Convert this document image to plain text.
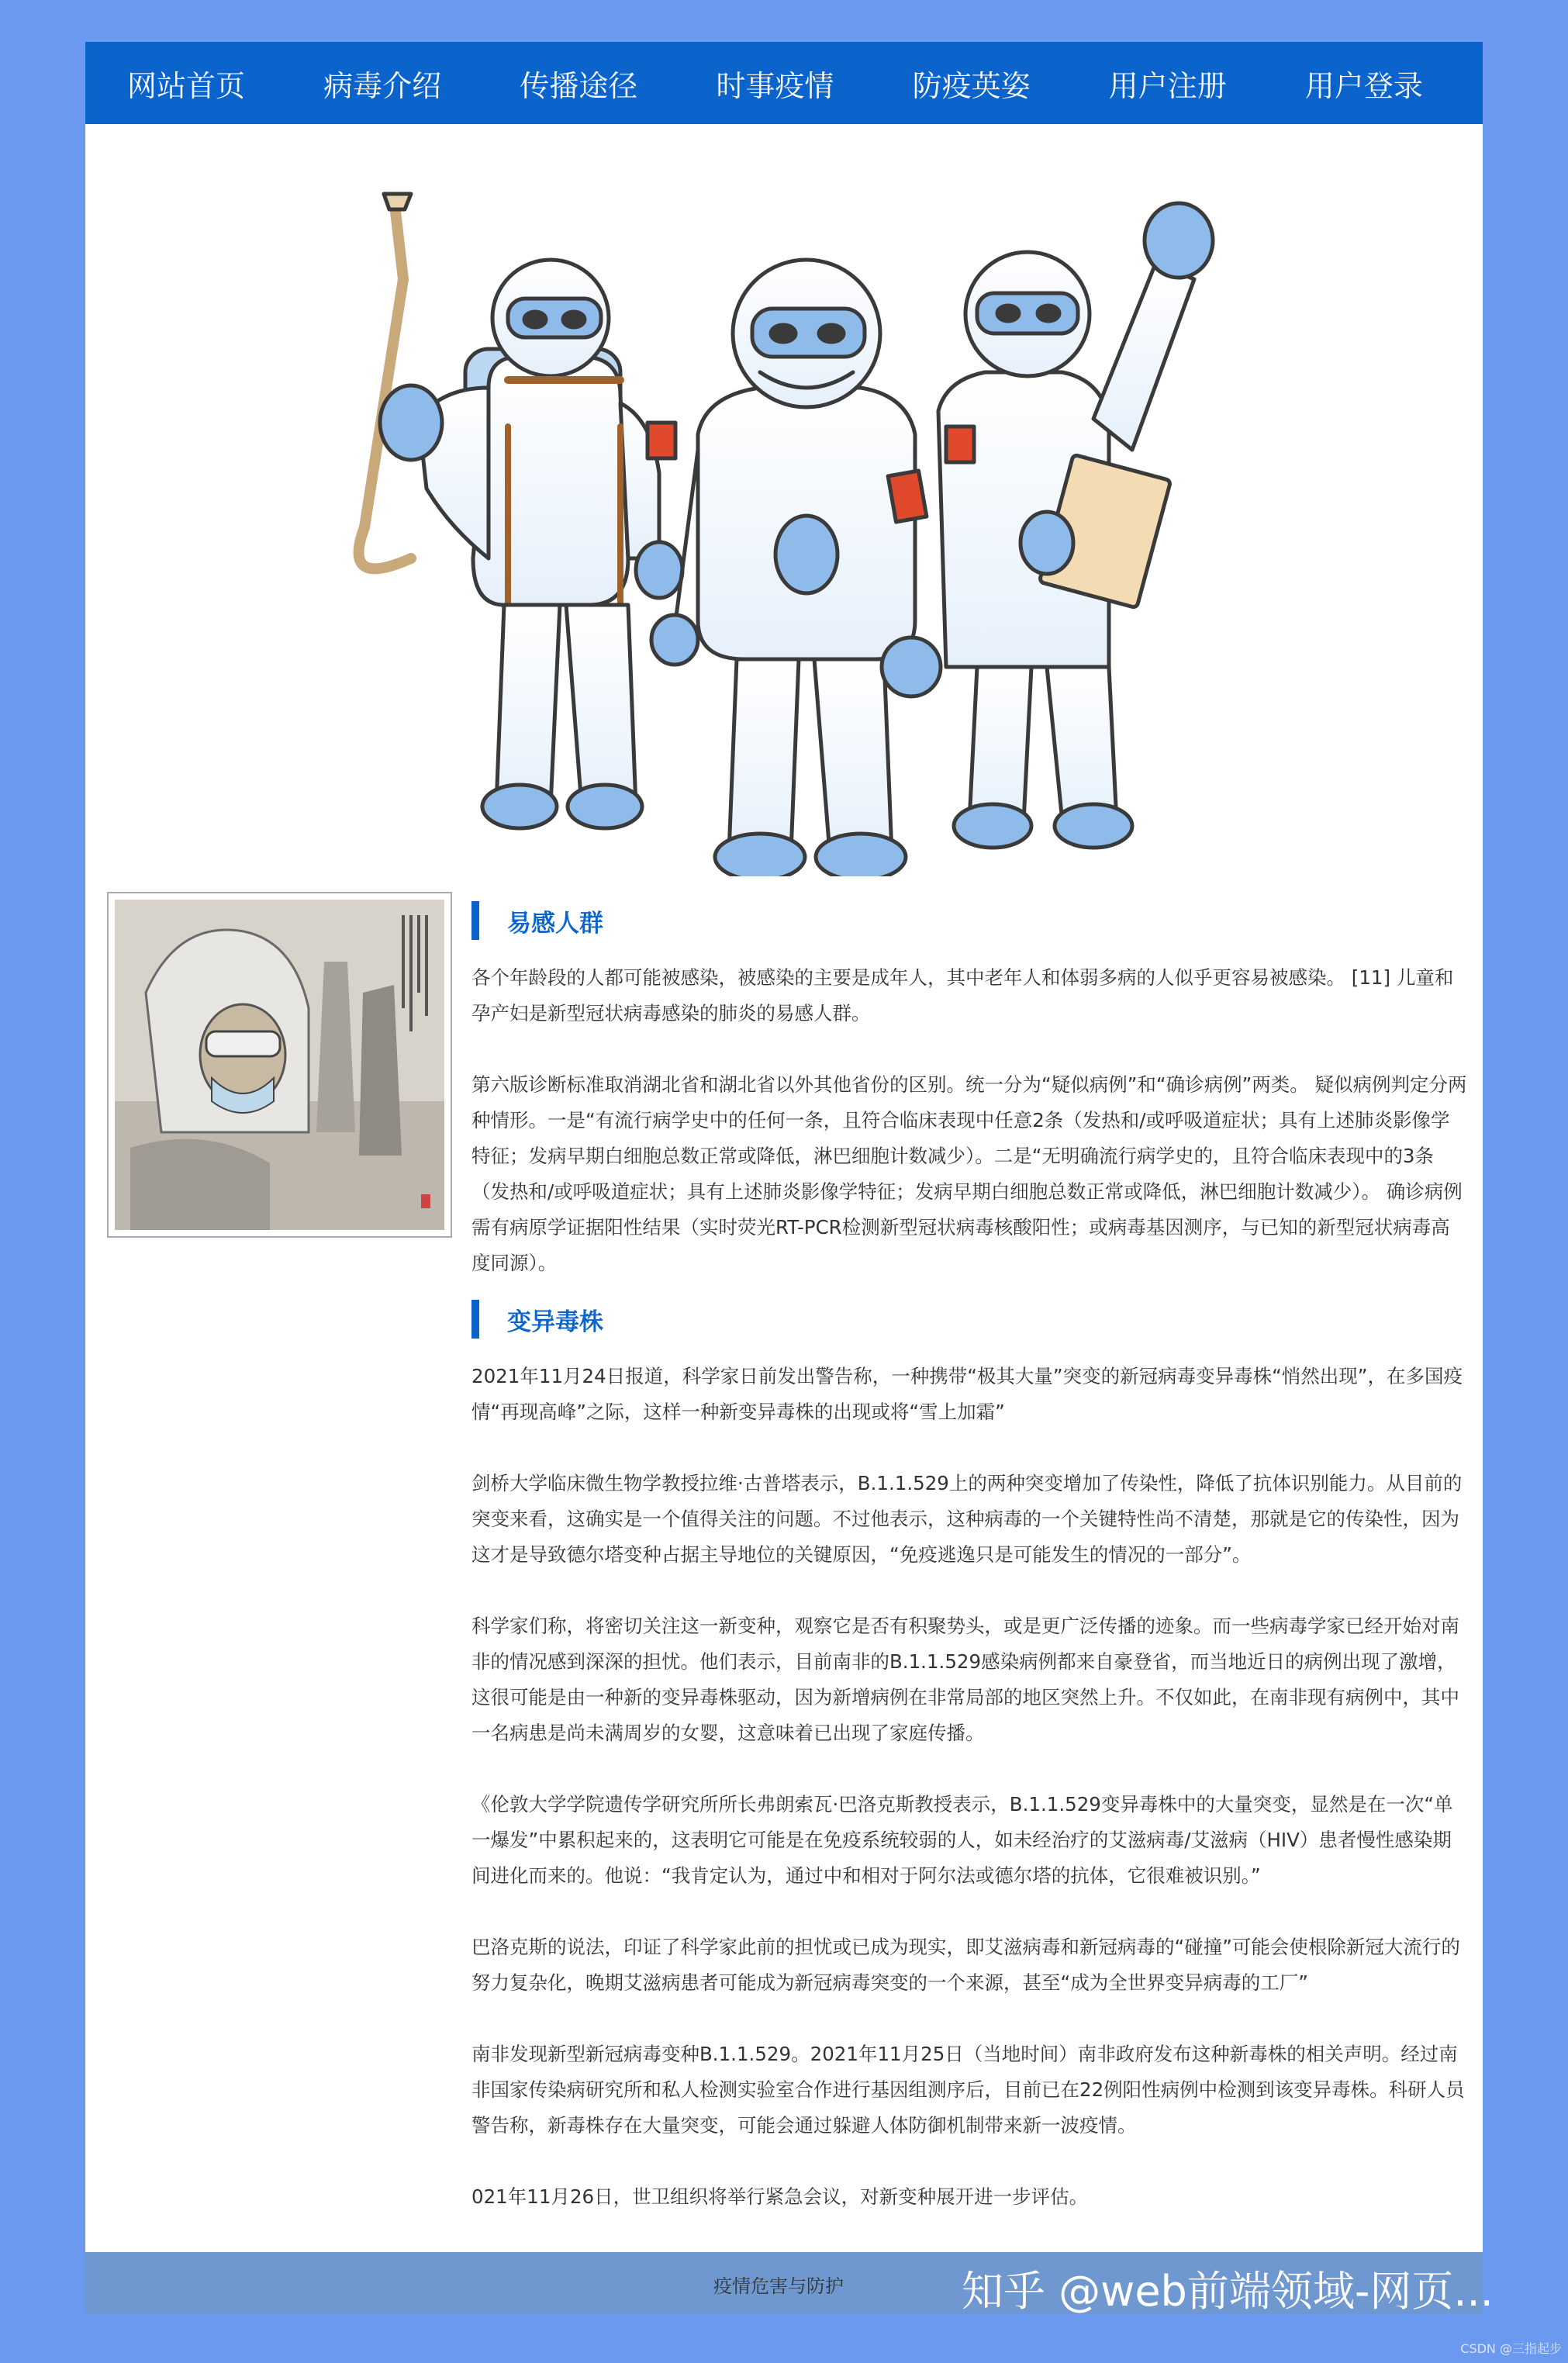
网站首页	病毒介绍	传播途径	时事疫情	防疫英姿	用户注册	用户登录
易感人群

各个年龄段的人都可能被感染，被感染的主要是成年人，其中老年人和体弱多病的人似乎更容易被感染。 [11] 儿童和孕产妇是新型冠状病毒感染的肺炎的易感人群。

第六版诊断标准取消湖北省和湖北省以外其他省份的区别。统一分为“疑似病例”和“确诊病例”两类。 疑似病例判定分两种情形。一是“有流行病学史中的任何一条，且符合临床表现中任意2条（发热和/或呼吸道症状；具有上述肺炎影像学特征；发病早期白细胞总数正常或降低，淋巴细胞计数减少）。二是“无明确流行病学史的，且符合临床表现中的3条（发热和/或呼吸道症状；具有上述肺炎影像学特征；发病早期白细胞总数正常或降低，淋巴细胞计数减少）。 确诊病例需有病原学证据阳性结果（实时荧光RT-PCR检测新型冠状病毒核酸阳性；或病毒基因测序，与已知的新型冠状病毒高度同源）。

变异毒株

2021年11月24日报道，科学家日前发出警告称，一种携带“极其大量”突变的新冠病毒变异毒株“悄然出现”，在多国疫情“再现高峰”之际，这样一种新变异毒株的出现或将“雪上加霜”

剑桥大学临床微生物学教授拉维·古普塔表示，B.1.1.529上的两种突变增加了传染性，降低了抗体识别能力。从目前的突变来看，这确实是一个值得关注的问题。不过他表示，这种病毒的一个关键特性尚不清楚，那就是它的传染性，因为这才是导致德尔塔变种占据主导地位的关键原因，“免疫逃逸只是可能发生的情况的一部分”。

科学家们称，将密切关注这一新变种，观察它是否有积聚势头，或是更广泛传播的迹象。而一些病毒学家已经开始对南非的情况感到深深的担忧。他们表示，目前南非的B.1.1.529感染病例都来自豪登省，而当地近日的病例出现了激增，这很可能是由一种新的变异毒株驱动，因为新增病例在非常局部的地区突然上升。不仅如此，在南非现有病例中，其中一名病患是尚未满周岁的女婴，这意味着已出现了家庭传播。

《伦敦大学学院遗传学研究所所长弗朗索瓦·巴洛克斯教授表示，B.1.1.529变异毒株中的大量突变，显然是在一次“单一爆发”中累积起来的，这表明它可能是在免疫系统较弱的人，如未经治疗的艾滋病毒/艾滋病（HIV）患者慢性感染期间进化而来的。他说：“我肯定认为，通过中和相对于阿尔法或德尔塔的抗体，它很难被识别。”

巴洛克斯的说法，印证了科学家此前的担忧或已成为现实，即艾滋病毒和新冠病毒的“碰撞”可能会使根除新冠大流行的努力复杂化，晚期艾滋病患者可能成为新冠病毒突变的一个来源，甚至“成为全世界变异病毒的工厂”

南非发现新型新冠病毒变种B.1.1.529。2021年11月25日（当地时间）南非政府发布这种新毒株的相关声明。经过南非国家传染病研究所和私人检测实验室合作进行基因组测序后，目前已在22例阳性病例中检测到该变异毒株。科研人员警告称，新毒株存在大量突变，可能会通过躲避人体防御机制带来新一波疫情。

021年11月26日，世卫组织将举行紧急会议，对新变种展开进一步评估。

疫情危害与防护	知乎 @web前端领域-网页...
CSDN @三指起步
